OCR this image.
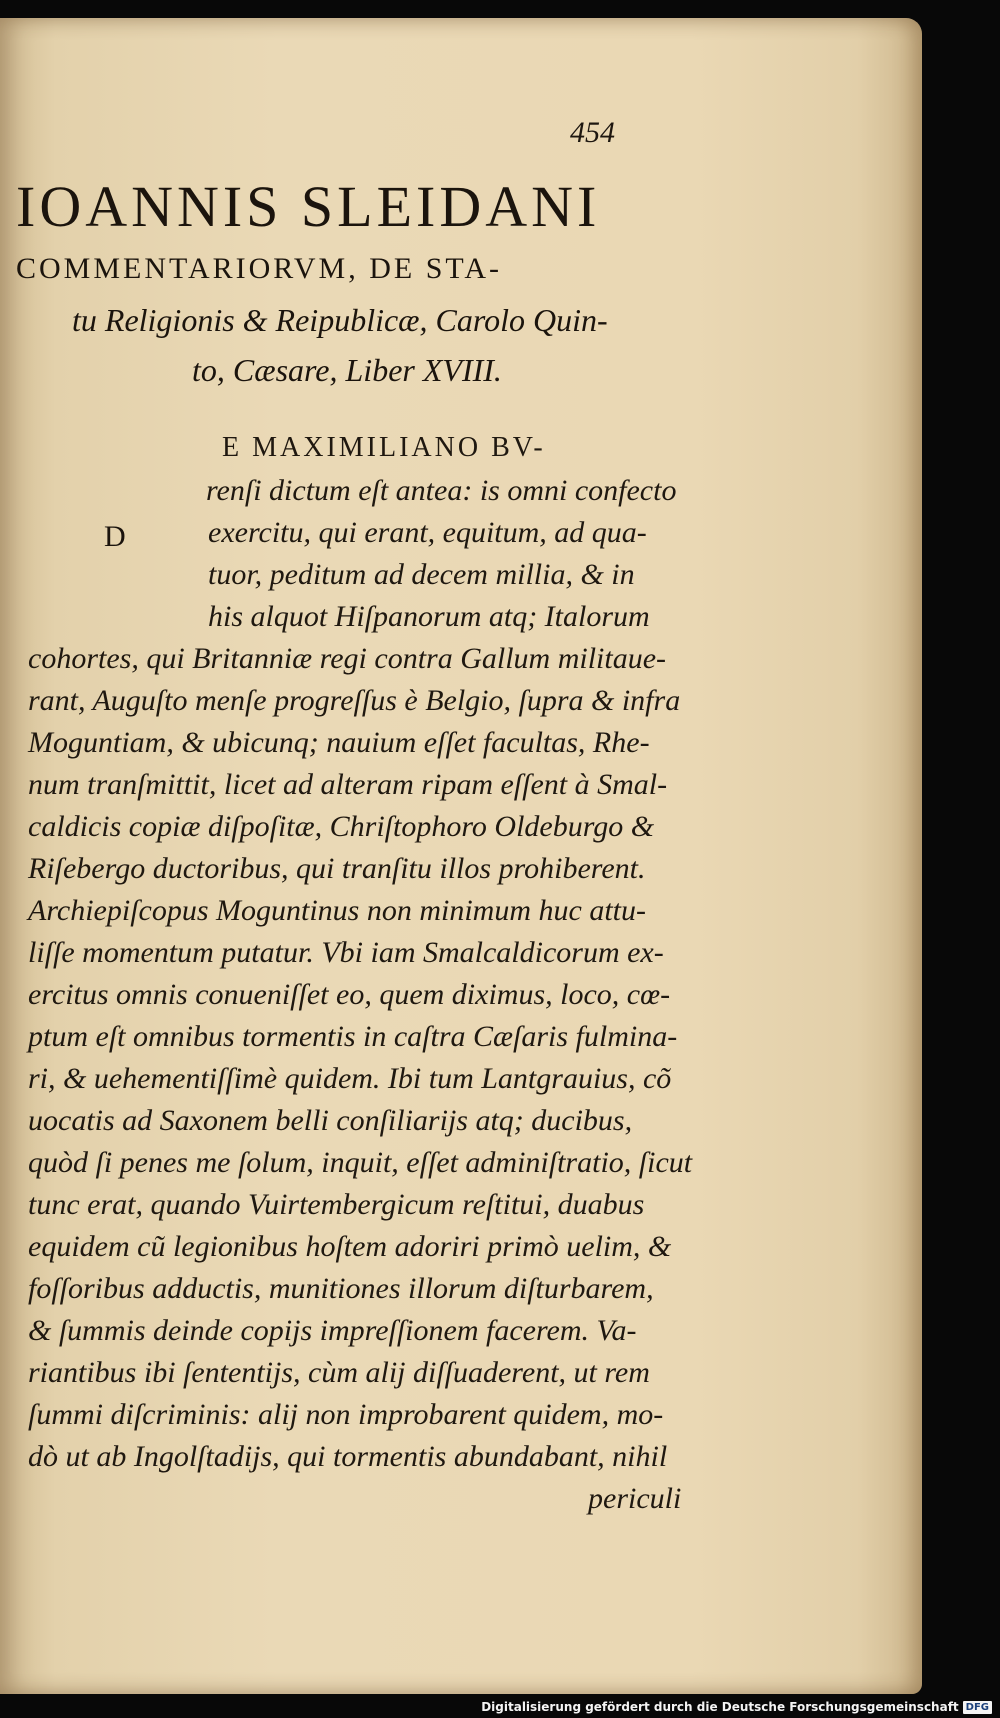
454
IOANNIS SLEIDANI
COMMENTARIORVM, DE STA-
tu Religionis & Reipublicæ, Carolo Quin-
to, Cæsare, Liber XVIII.
D
E MAXIMILIANO BV-
renſi dictum eſt antea: is omni confecto
exercitu, qui erant, equitum, ad qua-
tuor, peditum ad decem millia, & in
his alquot Hiſpanorum atq; Italorum
cohortes, qui Britanniæ regi contra Gallum militaue-
rant, Auguſto menſe progreſſus è Belgio, ſupra & infra
Moguntiam, & ubicunq; nauium eſſet facultas, Rhe-
num tranſmittit, licet ad alteram ripam eſſent à Smal-
caldicis copiæ diſpoſitæ, Chriſtophoro Oldeburgo &
Riſebergo ductoribus, qui tranſitu illos prohiberent.
Archiepiſcopus Moguntinus non minimum huc attu-
liſſe momentum putatur. Vbi iam Smalcaldicorum ex-
ercitus omnis conueniſſet eo, quem diximus, loco, cœ-
ptum eſt omnibus tormentis in caſtra Cæſaris fulmina-
ri, & uehementiſſimè quidem. Ibi tum Lantgrauius, cõ
uocatis ad Saxonem belli conſiliarijs atq; ducibus,
quòd ſi penes me ſolum, inquit, eſſet adminiſtratio, ſicut
tunc erat, quando Vuirtembergicum reſtitui, duabus
equidem cũ legionibus hoſtem adoriri primò uelim, &
foſſoribus adductis, munitiones illorum diſturbarem,
& ſummis deinde copijs impreſſionem facerem. Va-
riantibus ibi ſententijs, cùm alij diſſuaderent, ut rem
ſummi diſcriminis: alij non improbarent quidem, mo-
dò ut ab Ingolſtadijs, qui tormentis abundabant, nihil
periculi
Digitalisierung gefördert durch die Deutsche Forschungsgemeinschaft DFG
